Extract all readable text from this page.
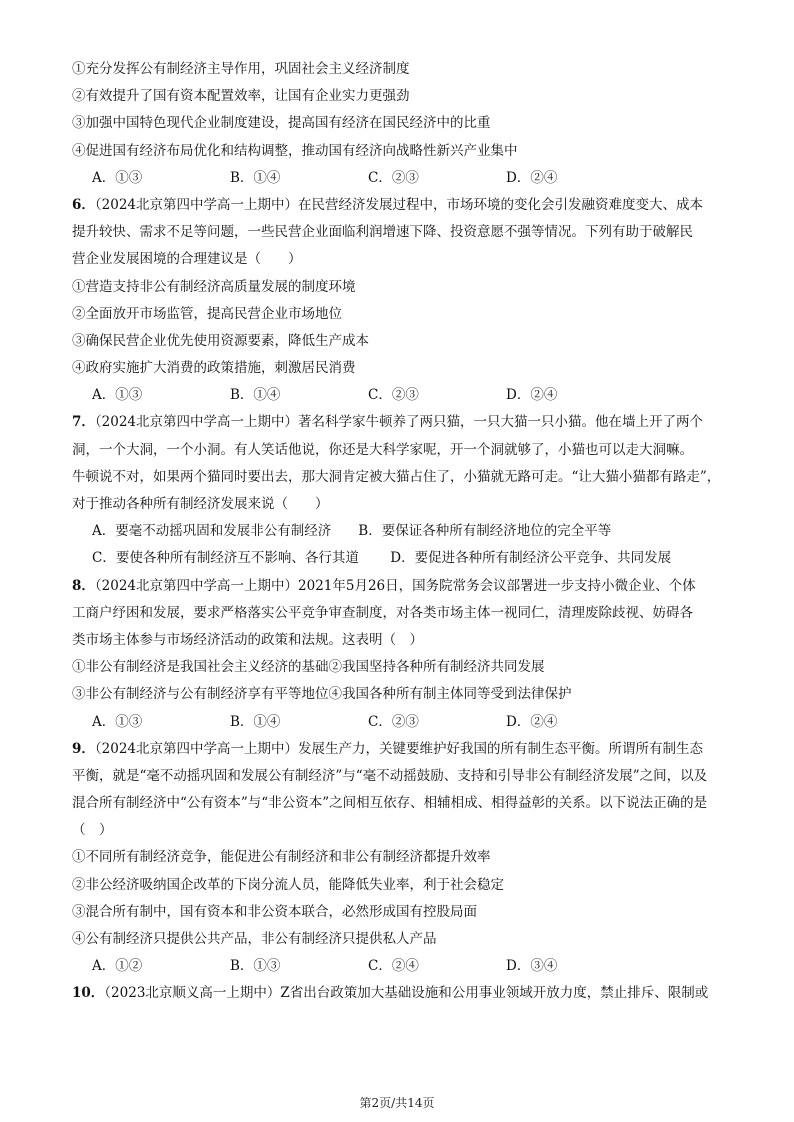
①充分发挥公有制经济主导作用，巩固社会主义经济制度
②有效提升了国有资本配置效率，让国有企业实力更强劲
③加强中国特色现代企业制度建设，提高国有经济在国民经济中的比重
④促进国有经济布局优化和结构调整，推动国有经济向战略性新兴产业集中
A．①③	B．①④	C．②③	D．②④
6．（2024北京第四中学高一上期中）在民营经济发展过程中，市场环境的变化会引发融资难度变大、成本
提升较快、需求不足等问题，一些民营企业面临利润增速下降、投资意愿不强等情况。下列有助于破解民
营企业发展困境的合理建议是（　　）
①营造支持非公有制经济高质量发展的制度环境
②全面放开市场监管，提高民营企业市场地位
③确保民营企业优先使用资源要素，降低生产成本
④政府实施扩大消费的政策措施，刺激居民消费
A．①③	B．①④	C．②③	D．②④
7．（2024北京第四中学高一上期中）著名科学家牛顿养了两只猫，一只大猫一只小猫。他在墙上开了两个
洞，一个大洞，一个小洞。有人笑话他说，你还是大科学家呢，开一个洞就够了，小猫也可以走大洞嘛。
牛顿说不对，如果两个猫同时要出去，那大洞肯定被大猫占住了，小猫就无路可走。“让大猫小猫都有路走”，
对于推动各种所有制经济发展来说（　　）
A．要毫不动摇巩固和发展非公有制经济 B．要保证各种所有制经济地位的完全平等
C．要使各种所有制经济互不影响、各行其道 D．要促进各种所有制经济公平竞争、共同发展
8．（2024北京第四中学高一上期中）2021年5月26日，国务院常务会议部署进一步支持小微企业、个体
工商户纾困和发展，要求严格落实公平竞争审查制度，对各类市场主体一视同仁，清理废除歧视、妨碍各
类市场主体参与市场经济活动的政策和法规。这表明（　）
①非公有制经济是我国社会主义经济的基础②我国坚持各种所有制经济共同发展
③非公有制经济与公有制经济享有平等地位④我国各种所有制主体同等受到法律保护
A．①③	B．①④	C．②③	D．②④
9．（2024北京第四中学高一上期中）发展生产力，关键要维护好我国的所有制生态平衡。所谓所有制生态
平衡，就是“毫不动摇巩固和发展公有制经济”与“毫不动摇鼓励、支持和引导非公有制经济发展”之间，以及
混合所有制经济中“公有资本”与“非公资本”之间相互依存、相辅相成、相得益彰的关系。以下说法正确的是
（　）
①不同所有制经济竞争，能促进公有制经济和非公有制经济都提升效率
②非公经济吸纳国企改革的下岗分流人员，能降低失业率，利于社会稳定
③混合所有制中，国有资本和非公资本联合，必然形成国有控股局面
④公有制经济只提供公共产品，非公有制经济只提供私人产品
A．①②	B．①③	C．②④	D．③④
10．（2023北京顺义高一上期中）Z省出台政策加大基础设施和公用事业领域开放力度，禁止排斥、限制或
第2页/共14页
